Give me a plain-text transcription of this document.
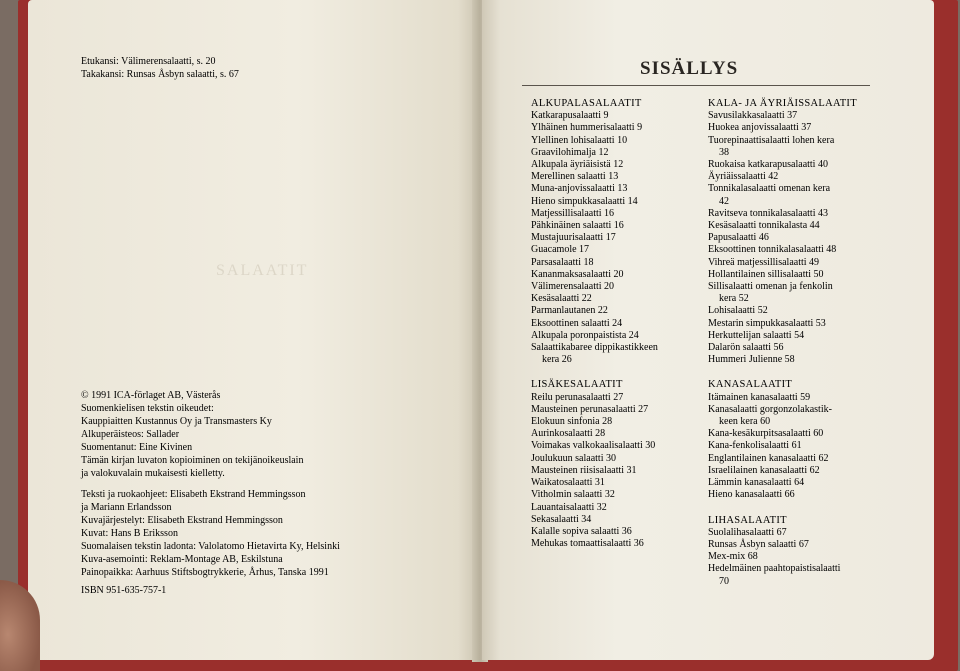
Etukansi: Välimerensalaatti, s. 20

Takakansi: Runsas Åsbyn salaatti, s. 67

SALAATIT

© 1991 ICA-förlaget AB, Västerås

Suomenkielisen tekstin oikeudet:

Kauppiaitten Kustannus Oy ja Transmasters Ky

Alkuperäisteos: Sallader

Suomentanut: Eine Kivinen

Tämän kirjan luvaton kopioiminen on tekijänoikeuslain

ja valokuvalain mukaisesti kielletty.

Teksti ja ruokaohjeet: Elisabeth Ekstrand Hemmingsson

ja Mariann Erlandsson

Kuvajärjestelyt: Elisabeth Ekstrand Hemmingsson

Kuvat: Hans B Eriksson

Suomalaisen tekstin ladonta: Valolatomo Hietavirta Ky, Helsinki

Kuva-asemointi: Reklam-Montage AB, Eskilstuna

Painopaikka: Aarhuus Stiftsbogtrykkerie, Århus, Tanska 1991

ISBN 951-635-757-1

SISÄLLYS

ALKUPALASALAATIT

Katkarapusalaatti 9

Ylhäinen hummerisalaatti 9

Ylellinen lohisalaatti 10

Graavilohimalja 12

Alkupala äyriäisistä 12

Merellinen salaatti 13

Muna-anjovissalaatti 13

Hieno simpukkasalaatti 14

Matjessillisalaatti 16

Pähkinäinen salaatti 16

Mustajuurisalaatti 17

Guacamole 17

Parsasalaatti 18

Kananmaksasalaatti 20

Välimerensalaatti 20

Kesäsalaatti 22

Parmanlautanen 22

Eksoottinen salaatti 24

Alkupala poronpaistista 24

Salaattikabaree dippikastikkeen

kera 26

LISÄKESALAATIT

Reilu perunasalaatti 27

Mausteinen perunasalaatti 27

Elokuun sinfonia 28

Aurinkosalaatti 28

Voimakas valkokaalisalaatti 30

Joulukuun salaatti 30

Mausteinen riisisalaatti 31

Waikatosalaatti 31

Vitholmin salaatti 32

Lauantaisalaatti 32

Sekasalaatti 34

Kalalle sopiva salaatti 36

Mehukas tomaattisalaatti 36

KALA- JA ÄYRIÄISSALAATIT

Savusilakkasalaatti 37

Huokea anjovissalaatti 37

Tuorepinaattisalaatti lohen kera

38

Ruokaisa katkarapusalaatti 40

Äyriäissalaatti 42

Tonnikalasalaatti omenan kera

42

Ravitseva tonnikalasalaatti 43

Kesäsalaatti tonnikalasta 44

Papusalaatti 46

Eksoottinen tonnikalasalaatti 48

Vihreä matjessillisalaatti 49

Hollantilainen sillisalaatti 50

Sillisalaatti omenan ja fenkolin

kera 52

Lohisalaatti 52

Mestarin simpukkasalaatti 53

Herkuttelijan salaatti 54

Dalarön salaatti 56

Hummeri Julienne 58

KANASALAATIT

Itämainen kanasalaatti 59

Kanasalaatti gorgonzolakastik-

keen kera 60

Kana-kesäkurpitsasalaatti 60

Kana-fenkolisalaatti 61

Englantilainen kanasalaatti 62

Israelilainen kanasalaatti 62

Lämmin kanasalaatti 64

Hieno kanasalaatti 66

LIHASALAATIT

Suolalihasalaatti 67

Runsas Åsbyn salaatti 67

Mex-mix 68

Hedelmäinen paahtopaistisalaatti

70
